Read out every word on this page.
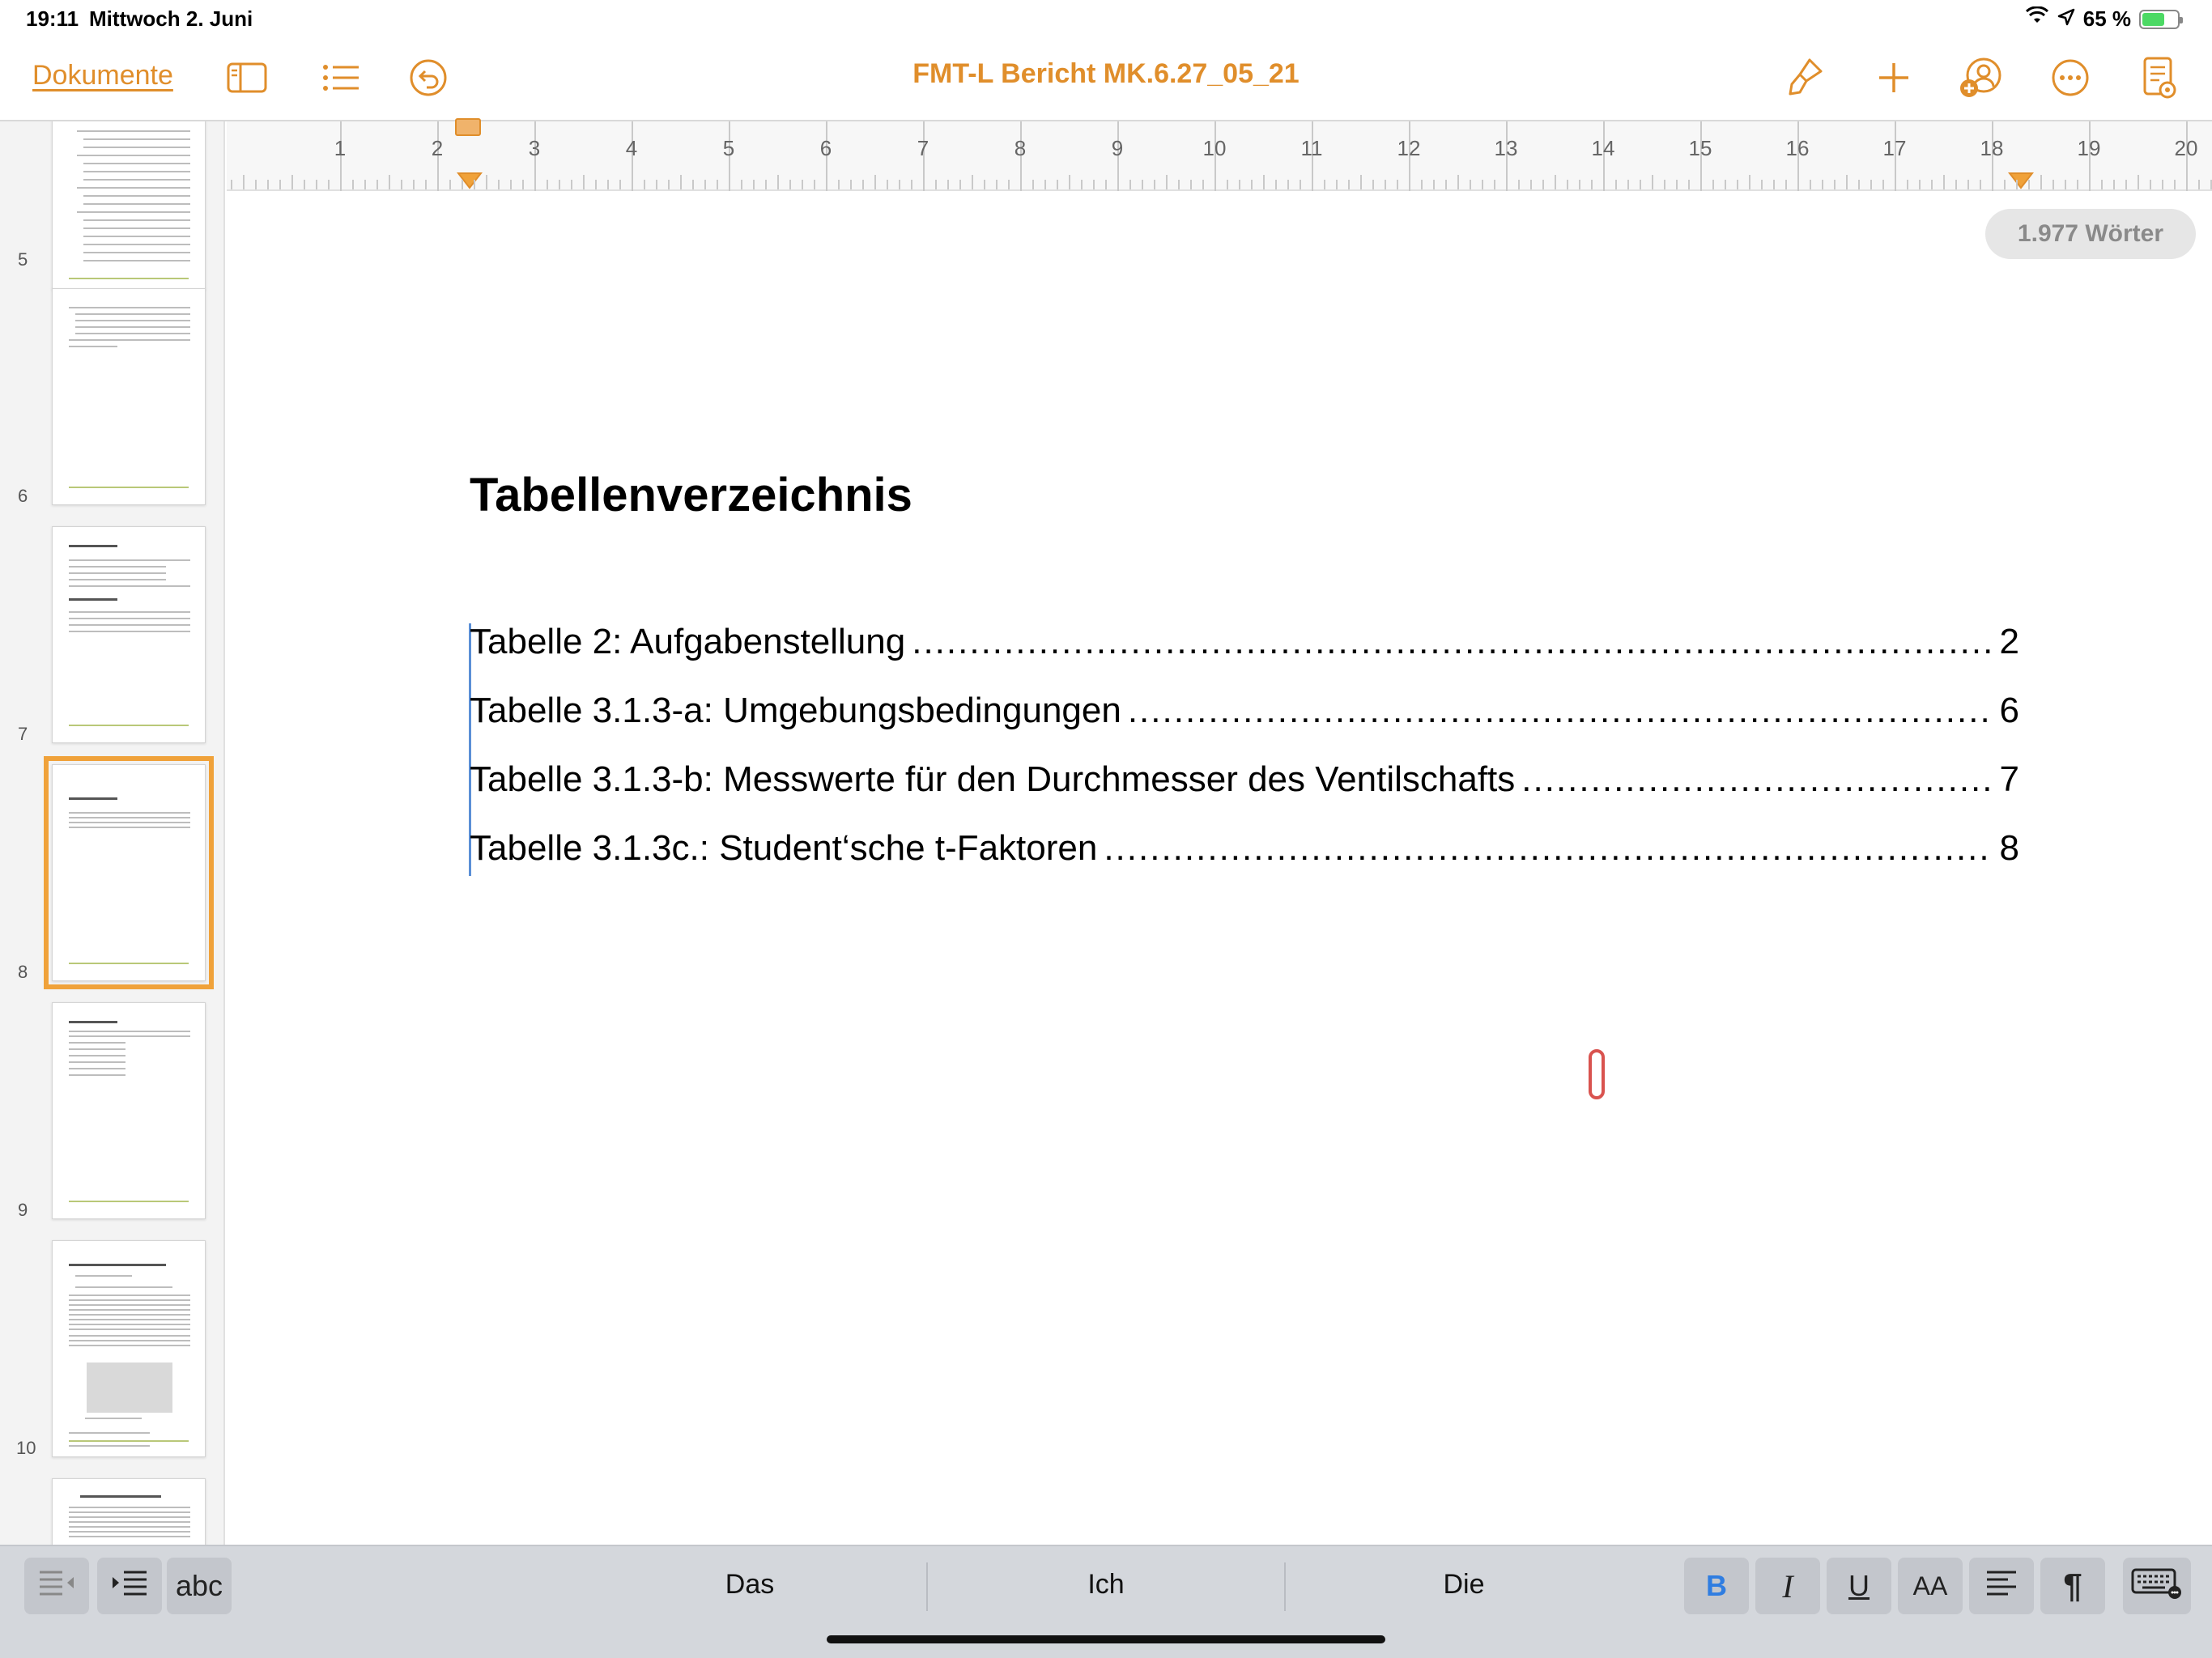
19:11 Mittwoch 2. Juni	65 %
Dokumente	FMT-L Bericht MK.6.27_05_21
5
6
7
8
9
10
1	2	3	4	5	6	7	8	9	10	11	12	13	14	15	16	17	18	19	20
1.977 Wörter
Tabellenverzeichnis
Tabelle 2: Aufgabenstellung .....	2
Tabelle 3.1.3-a: Umgebungsbedingungen .....	6
Tabelle 3.1.3-b: Messwerte für den Durchmesser des Ventilschafts .....	7
Tabelle 3.1.3c.: Student‘sche t-Faktoren .....	8
abc	Das	Ich	Die	B	I	U	AA	¶
